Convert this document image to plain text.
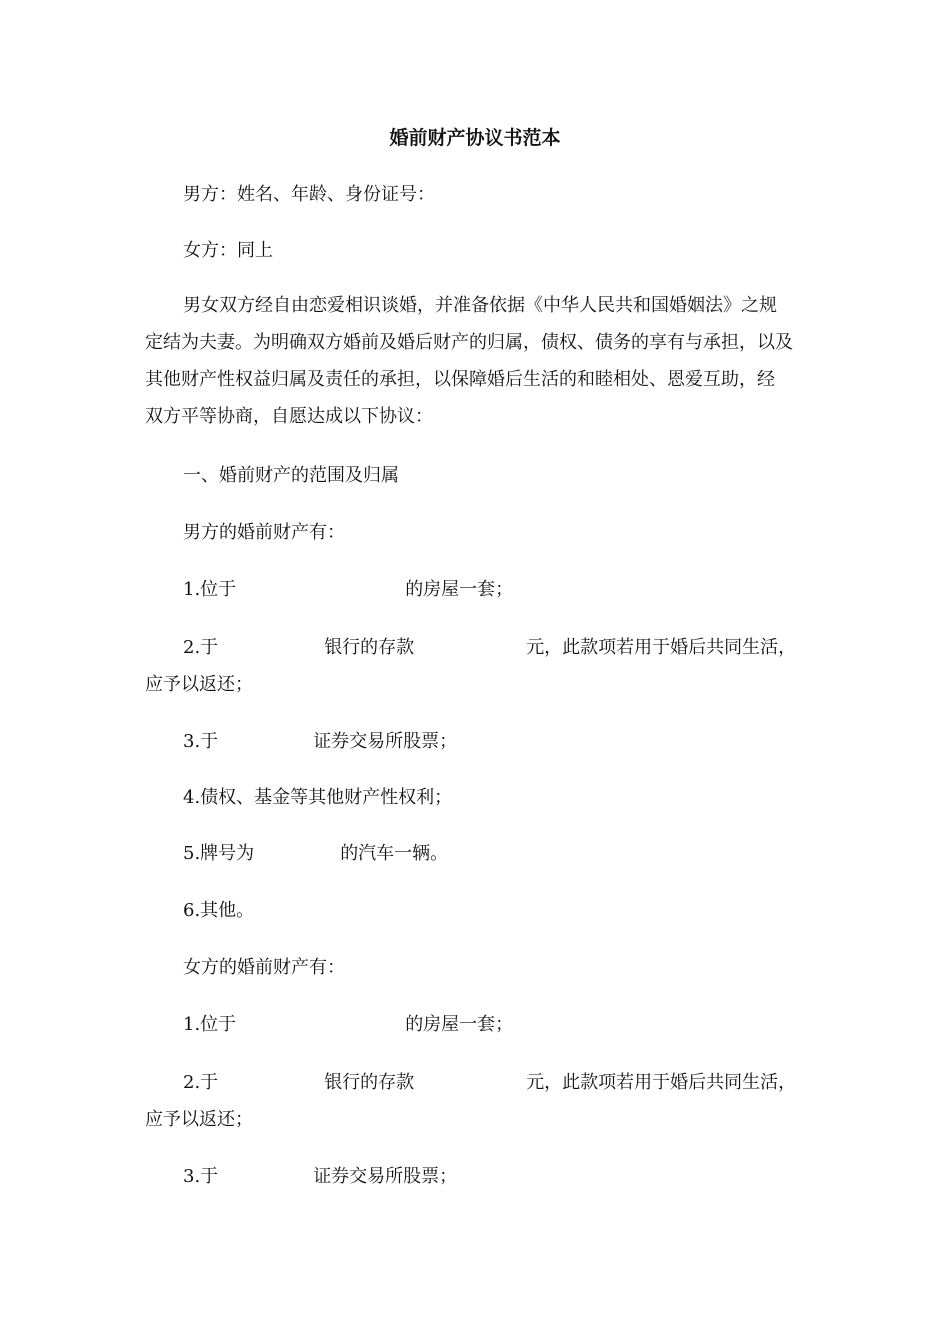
婚前财产协议书范本

男方：姓名、年龄、身份证号：

女方：同上

男女双方经自由恋爱相识谈婚，并准备依据《中华人民共和国婚姻法》之规
定结为夫妻。为明确双方婚前及婚后财产的归属，债权、债务的享有与承担，以及
其他财产性权益归属及责任的承担，以保障婚后生活的和睦相处、恩爱互助，经
双方平等协商，自愿达成以下协议：

一、婚前财产的范围及归属

男方的婚前财产有：

1.位于	的房屋一套；

2.于	银行的存款	元，此款项若用于婚后共同生活，
应予以返还；

3.于	证券交易所股票；

4.债权、基金等其他财产性权利；

5.牌号为	的汽车一辆。

6.其他。

女方的婚前财产有：

1.位于	的房屋一套；

2.于	银行的存款	元，此款项若用于婚后共同生活，
应予以返还；

3.于	证券交易所股票；
